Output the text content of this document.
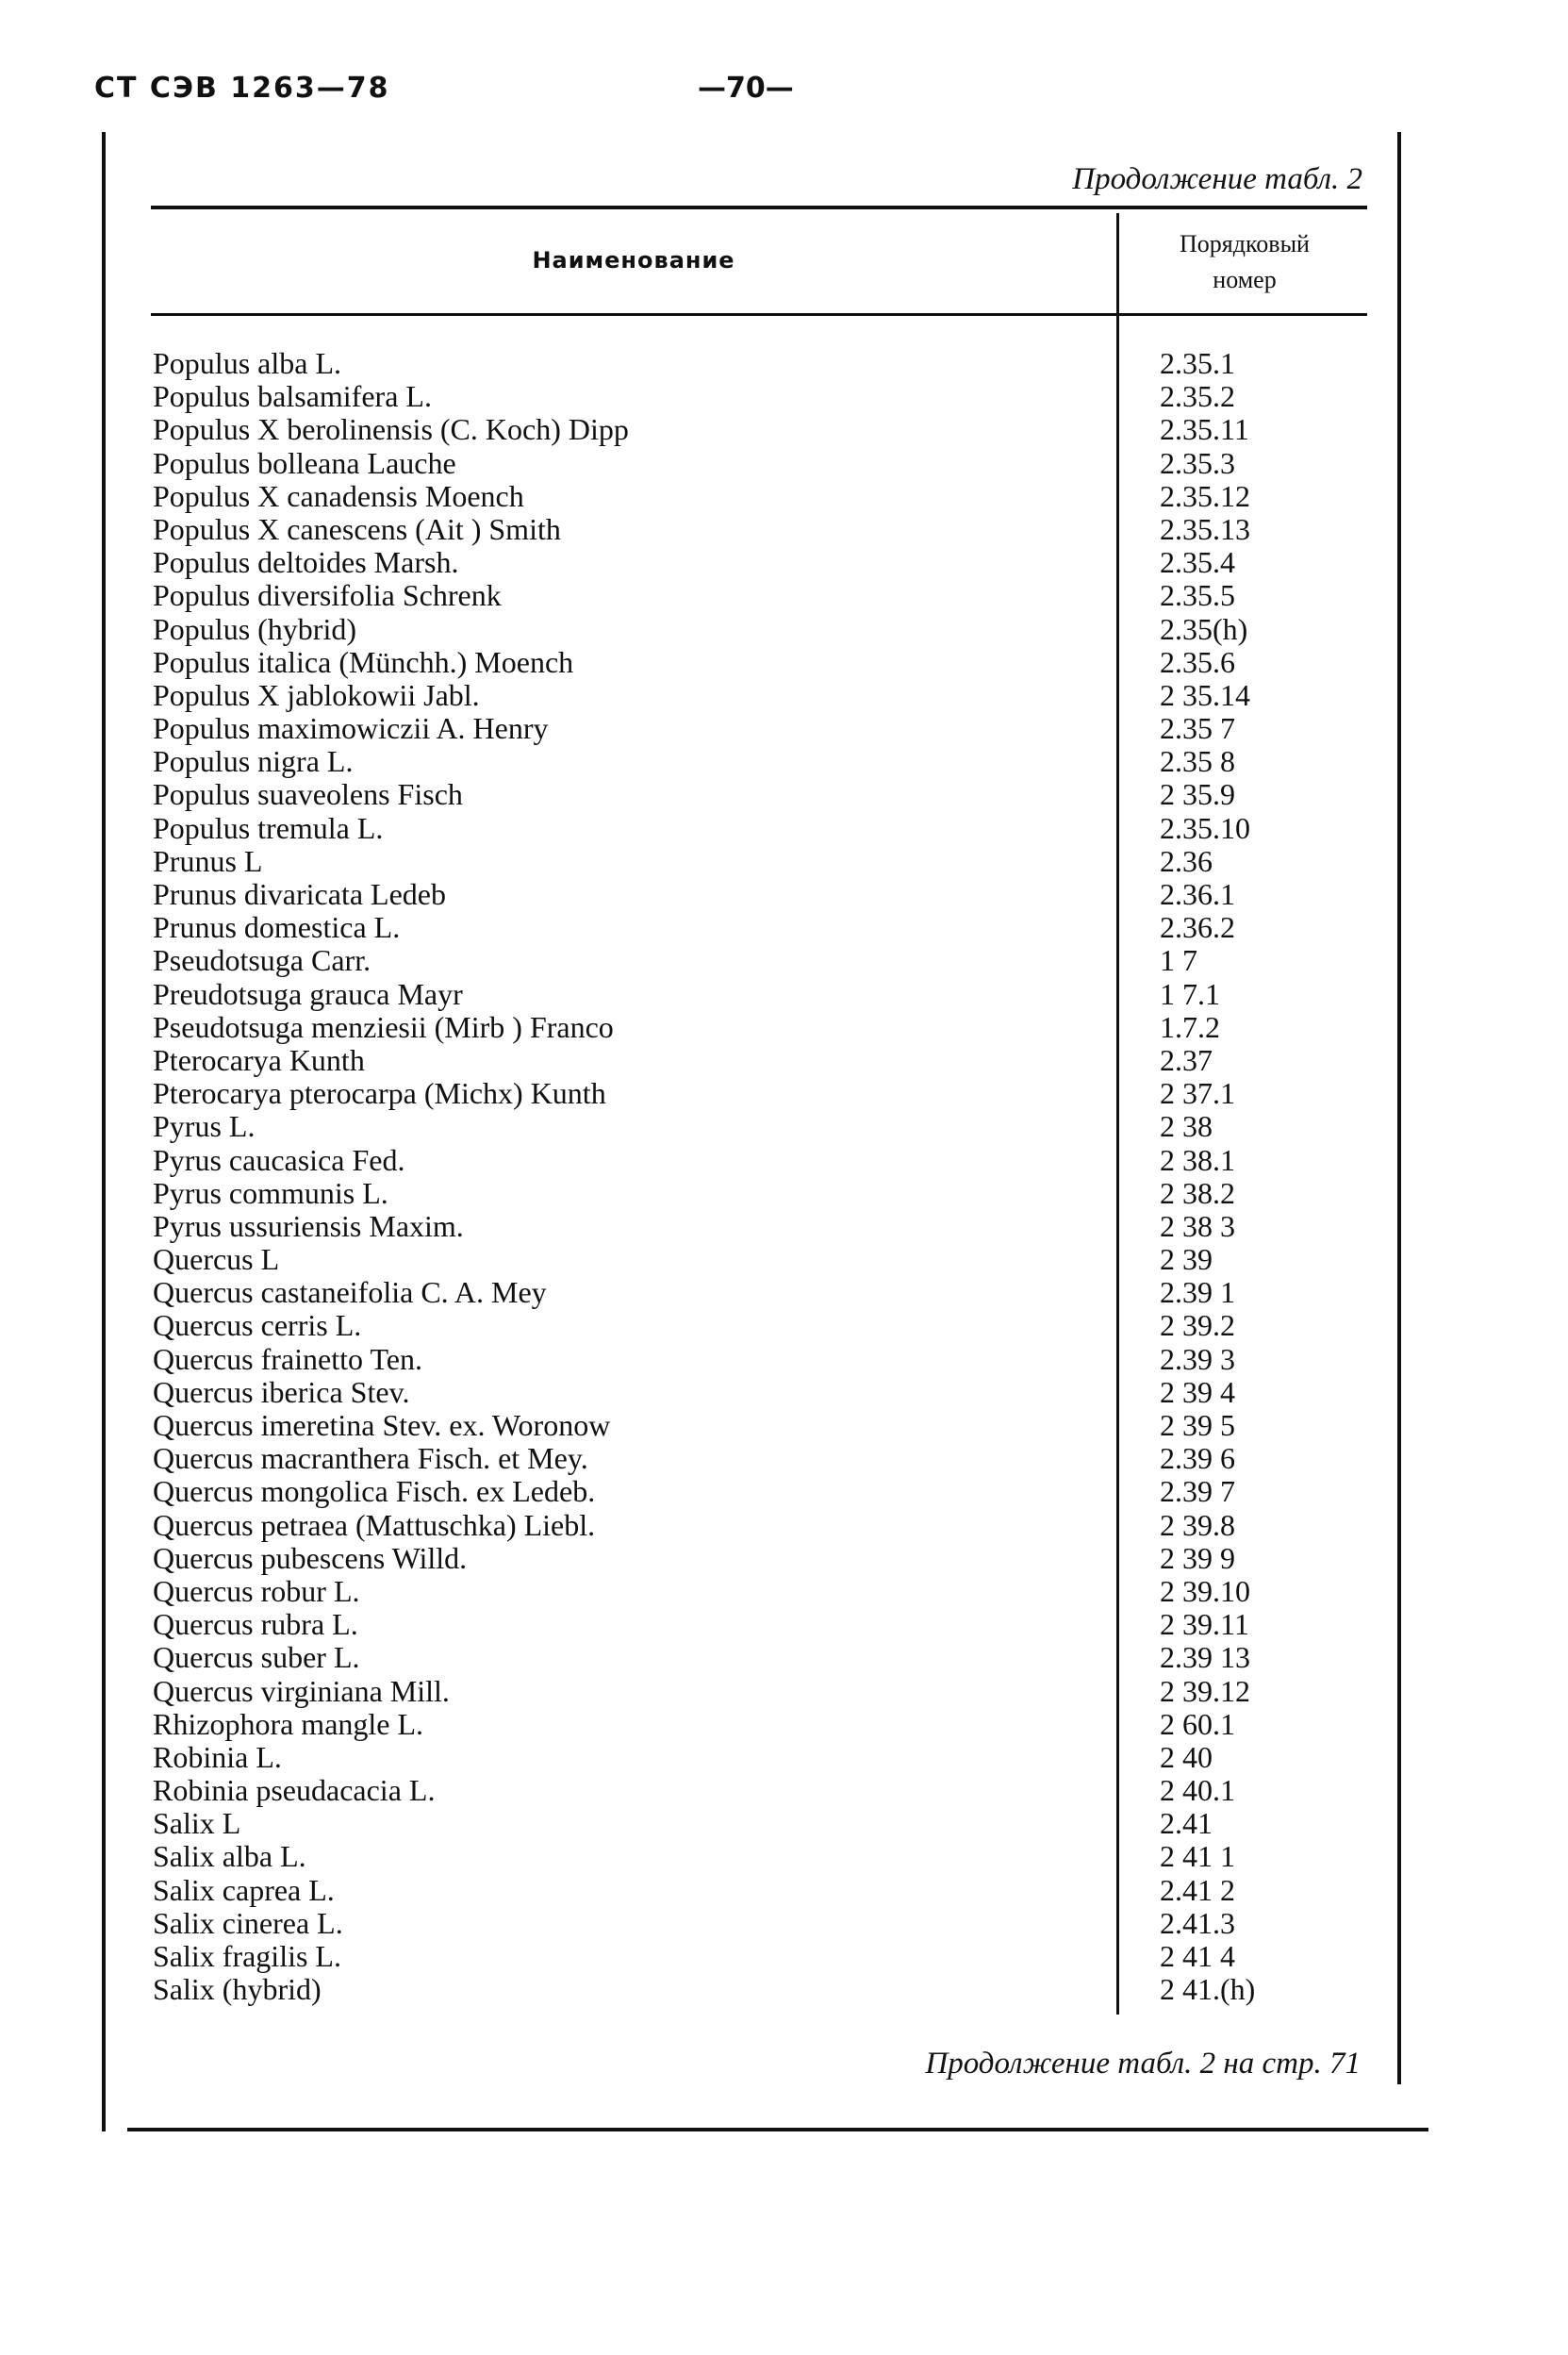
СТ СЭВ 1263—78	—70—
Продолжение табл. 2
Наименование
Порядковый
номер
Populus alba L.	2.35.1
Populus balsamifera L.	2.35.2
Populus X berolinensis (C. Koch) Dipp	2.35.11
Populus bolleana Lauche	2.35.3
Populus X canadensis Moench	2.35.12
Populus X canescens (Ait ) Smith	2.35.13
Populus deltoides Marsh.	2.35.4
Populus diversifolia Schrenk	2.35.5
Populus (hybrid)	2.35(h)
Populus italica (Münchh.) Moench	2.35.6
Populus X jablokowii Jabl.	2 35.14
Populus maximowiczii A. Henry	2.35 7
Populus nigra L.	2.35 8
Populus suaveolens Fisch	2 35.9
Populus tremula L.	2.35.10
Prunus L	2.36
Prunus divaricata Ledeb	2.36.1
Prunus domestica L.	2.36.2
Pseudotsuga Carr.	1 7
Preudotsuga grauca Mayr	1 7.1
Pseudotsuga menziesii (Mirb ) Franco	1.7.2
Pterocarya Kunth	2.37
Pterocarya pterocarpa (Michx) Kunth	2 37.1
Pyrus L.	2 38
Pyrus caucasica Fed.	2 38.1
Pyrus communis L.	2 38.2
Pyrus ussuriensis Maxim.	2 38 3
Quercus L	2 39
Quercus castaneifolia C. A. Mey	2.39 1
Quercus cerris L.	2 39.2
Quercus frainetto Ten.	2.39 3
Quercus iberica Stev.	2 39 4
Quercus imeretina Stev. ex. Woronow	2 39 5
Quercus macranthera Fisch. et Mey.	2.39 6
Quercus mongolica Fisch. ex Ledeb.	2.39 7
Quercus petraea (Mattuschka) Liebl.	2 39.8
Quercus pubescens Willd.	2 39 9
Quercus robur L.	2 39.10
Quercus rubra L.	2 39.11
Quercus suber L.	2.39 13
Quercus virginiana Mill.	2 39.12
Rhizophora mangle L.	2 60.1
Robinia L.	2 40
Robinia pseudacacia L.	2 40.1
Salix L	2.41
Salix alba L.	2 41 1
Salix caprea L.	2.41 2
Salix cinerea L.	2.41.3
Salix fragilis L.	2 41 4
Salix (hybrid)	2 41.(h)
Продолжение табл. 2 на стр. 71
